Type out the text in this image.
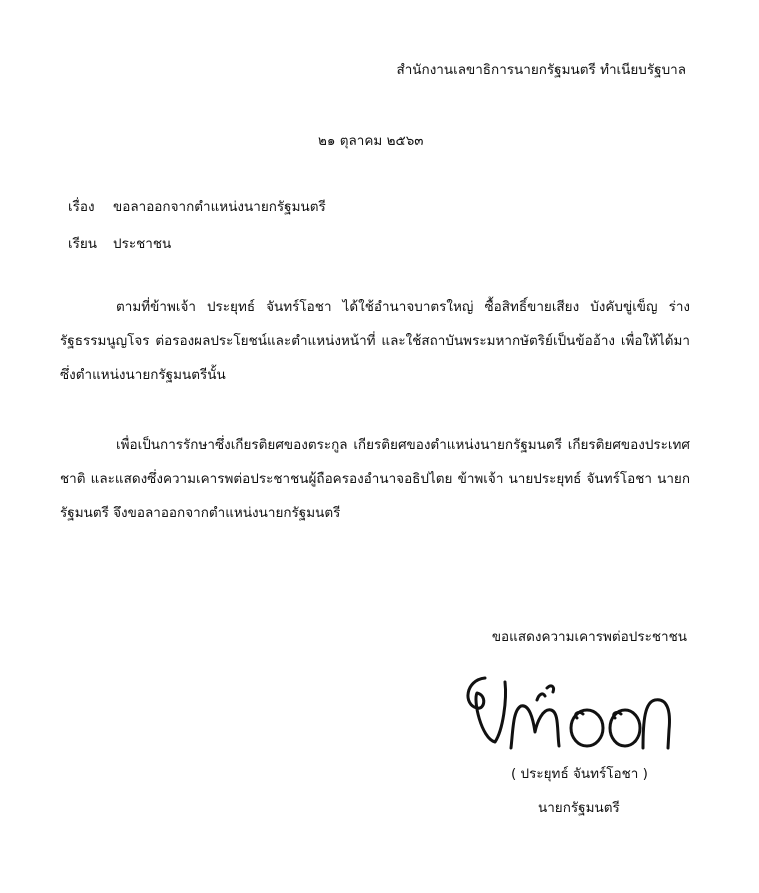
สำนักงานเลขาธิการนายกรัฐมนตรี ทำเนียบรัฐบาล
๒๑ ตุลาคม ๒๕๖๓
เรื่อง ขอลาออกจากตำแหน่งนายกรัฐมนตรี
เรียน ประชาชน
ตามที่ข้าพเจ้า ประยุทธ์ จันทร์โอชา ได้ใช้อำนาจบาตรใหญ่ ซื้อสิทธิ์ขายเสียง บังคับขู่เข็ญ ร่างรัฐธรรมนูญโจร ต่อรองผลประโยชน์และตำแหน่งหน้าที่ และใช้สถาบันพระมหากษัตริย์เป็นข้ออ้าง เพื่อให้ได้มาซึ่งตำแหน่งนายกรัฐมนตรีนั้น
เพื่อเป็นการรักษาซึ่งเกียรติยศของตระกูล เกียรติยศของตำแหน่งนายกรัฐมนตรี เกียรติยศของประเทศชาติ และแสดงซึ่งความเคารพต่อประชาชนผู้ถือครองอำนาจอธิปไตย ข้าพเจ้า นายประยุทธ์ จันทร์โอชา นายกรัฐมนตรี จึงขอลาออกจากตำแหน่งนายกรัฐมนตรี
ขอแสดงความเคารพต่อประชาชน
( ประยุทธ์ จันทร์โอชา )
นายกรัฐมนตรี
